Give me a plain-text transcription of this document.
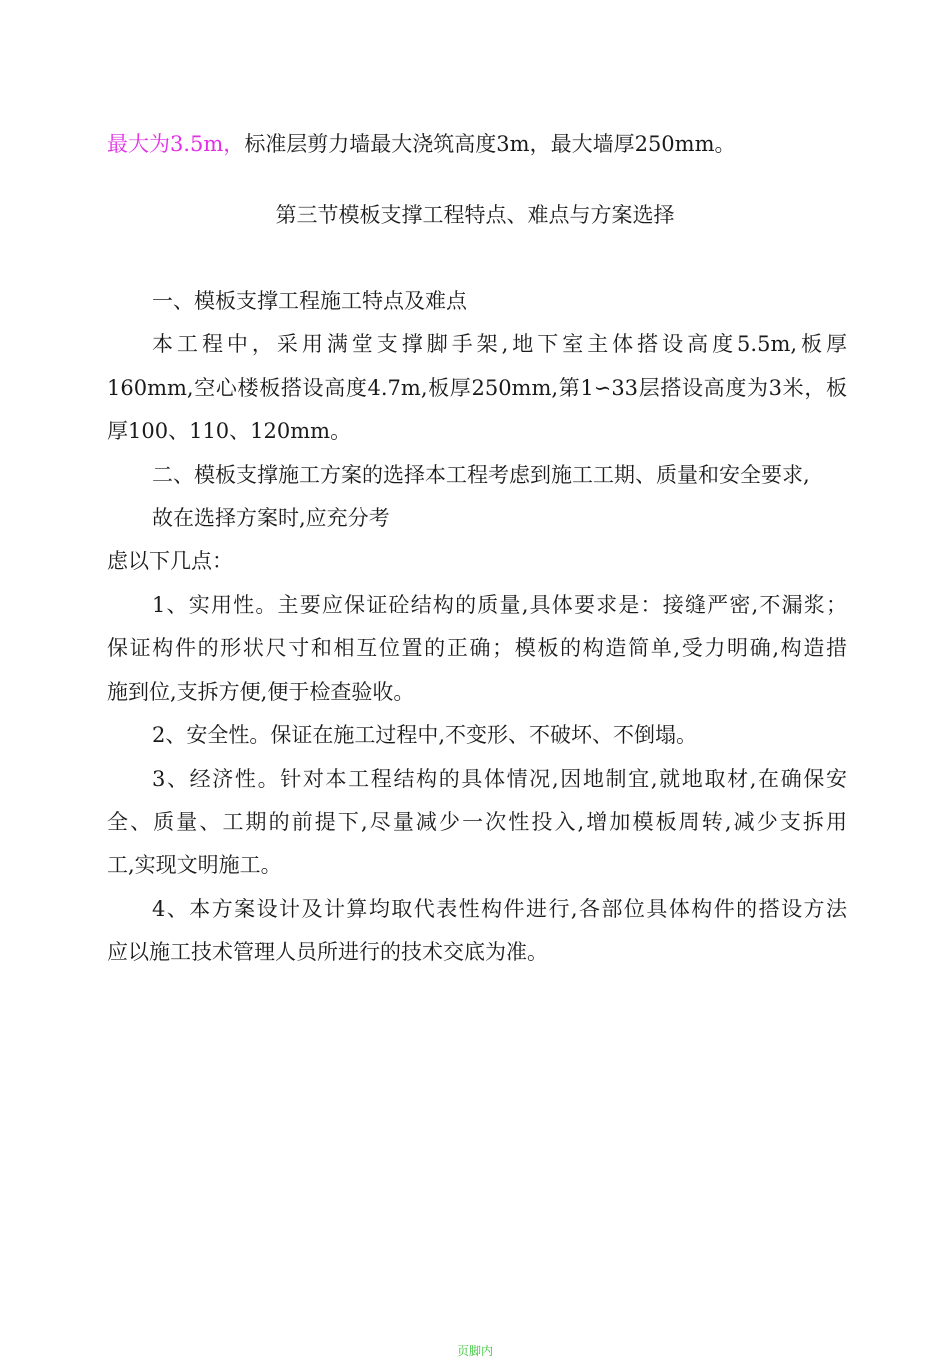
最大为3.5m，标准层剪力墙最大浇筑高度3m，最大墙厚250mm。
第三节模板支撑工程特点、难点与方案选择
一、模板支撑工程施工特点及难点
本工程中，采用满堂支撑脚手架,地下室主体搭设高度5.5m,板厚
160mm,空心楼板搭设高度4.7m,板厚250mm,第1∽33层搭设高度为3米，板
厚100、110、120mm。
二、模板支撑施工方案的选择本工程考虑到施工工期、质量和安全要求,
故在选择方案时,应充分考
虑以下几点：
1、实用性。主要应保证砼结构的质量,具体要求是：接缝严密,不漏浆；
保证构件的形状尺寸和相互位置的正确；模板的构造简单,受力明确,构造措
施到位,支拆方便,便于检查验收。
2、安全性。保证在施工过程中,不变形、不破坏、不倒塌。
3、经济性。针对本工程结构的具体情况,因地制宜,就地取材,在确保安
全、质量、工期的前提下,尽量减少一次性投入,增加模板周转,减少支拆用
工,实现文明施工。
4、本方案设计及计算均取代表性构件进行,各部位具体构件的搭设方法
应以施工技术管理人员所进行的技术交底为准。
页脚内
